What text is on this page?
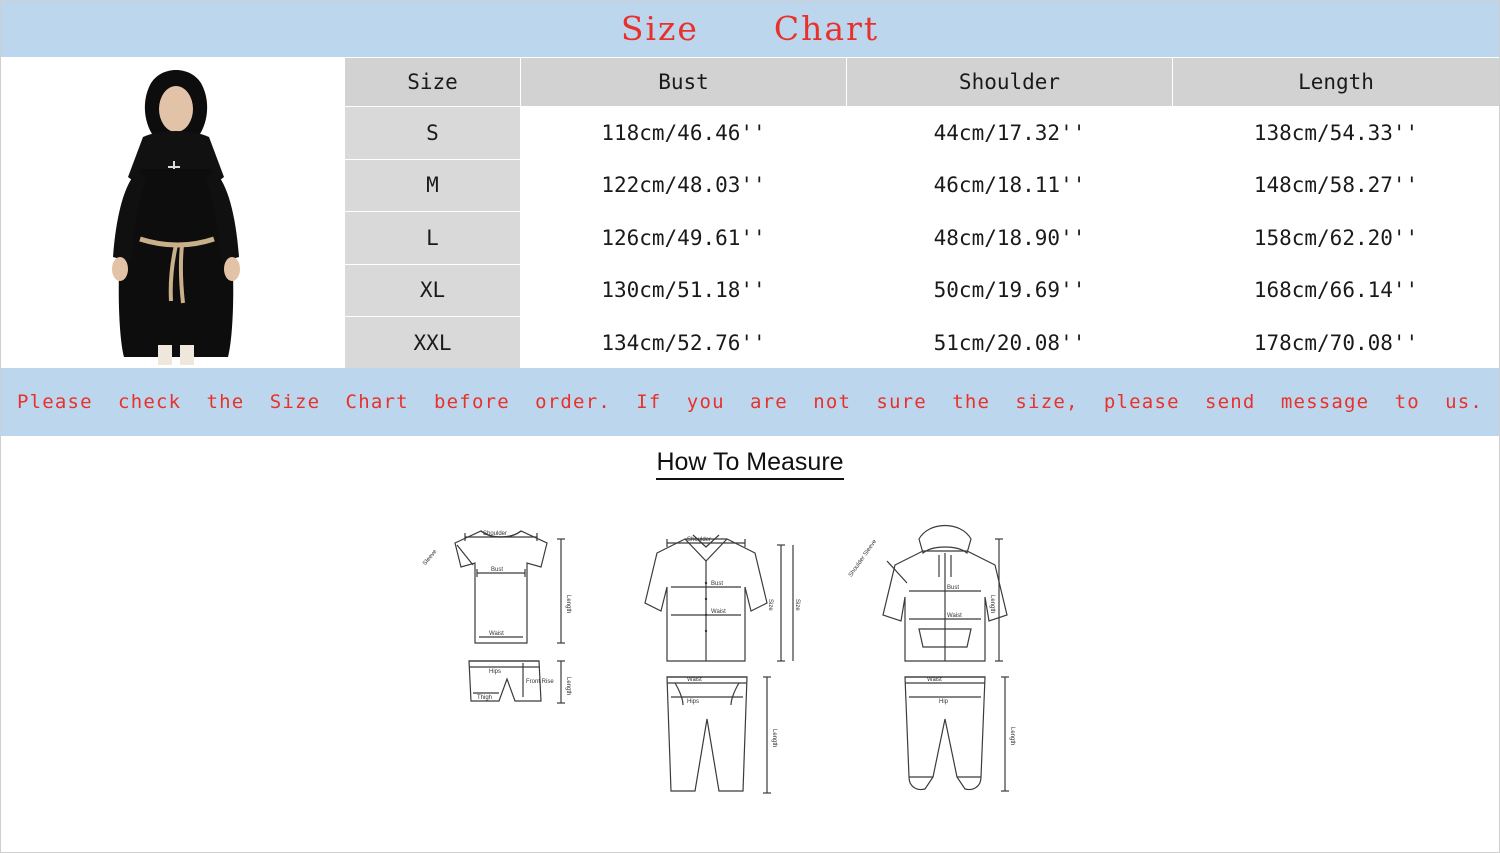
Size      Chart
Size	Bust	Shoulder	Length
S	118cm/46.46''	44cm/17.32''	138cm/54.33''
M	122cm/48.03''	46cm/18.11''	148cm/58.27''
L	126cm/49.61''	48cm/18.90''	158cm/62.20''
XL	130cm/51.18''	50cm/19.69''	168cm/66.14''
XXL	134cm/52.76''	51cm/20.08''	178cm/70.08''
Please  check  the  Size  Chart  before  order.  If  you  are  not  sure  the  size,  please  send  message  to  us.
How To Measure
Shoulder
Sleeve
Bust
Length
Waist
Hips
Front Rise
Thigh
Length
Shoulder
Bust
Waist
Size	Size
Waist
Hips
Length
Shoulder Sleeve
Bust
Waist
Length
Waist
Hip
Length
